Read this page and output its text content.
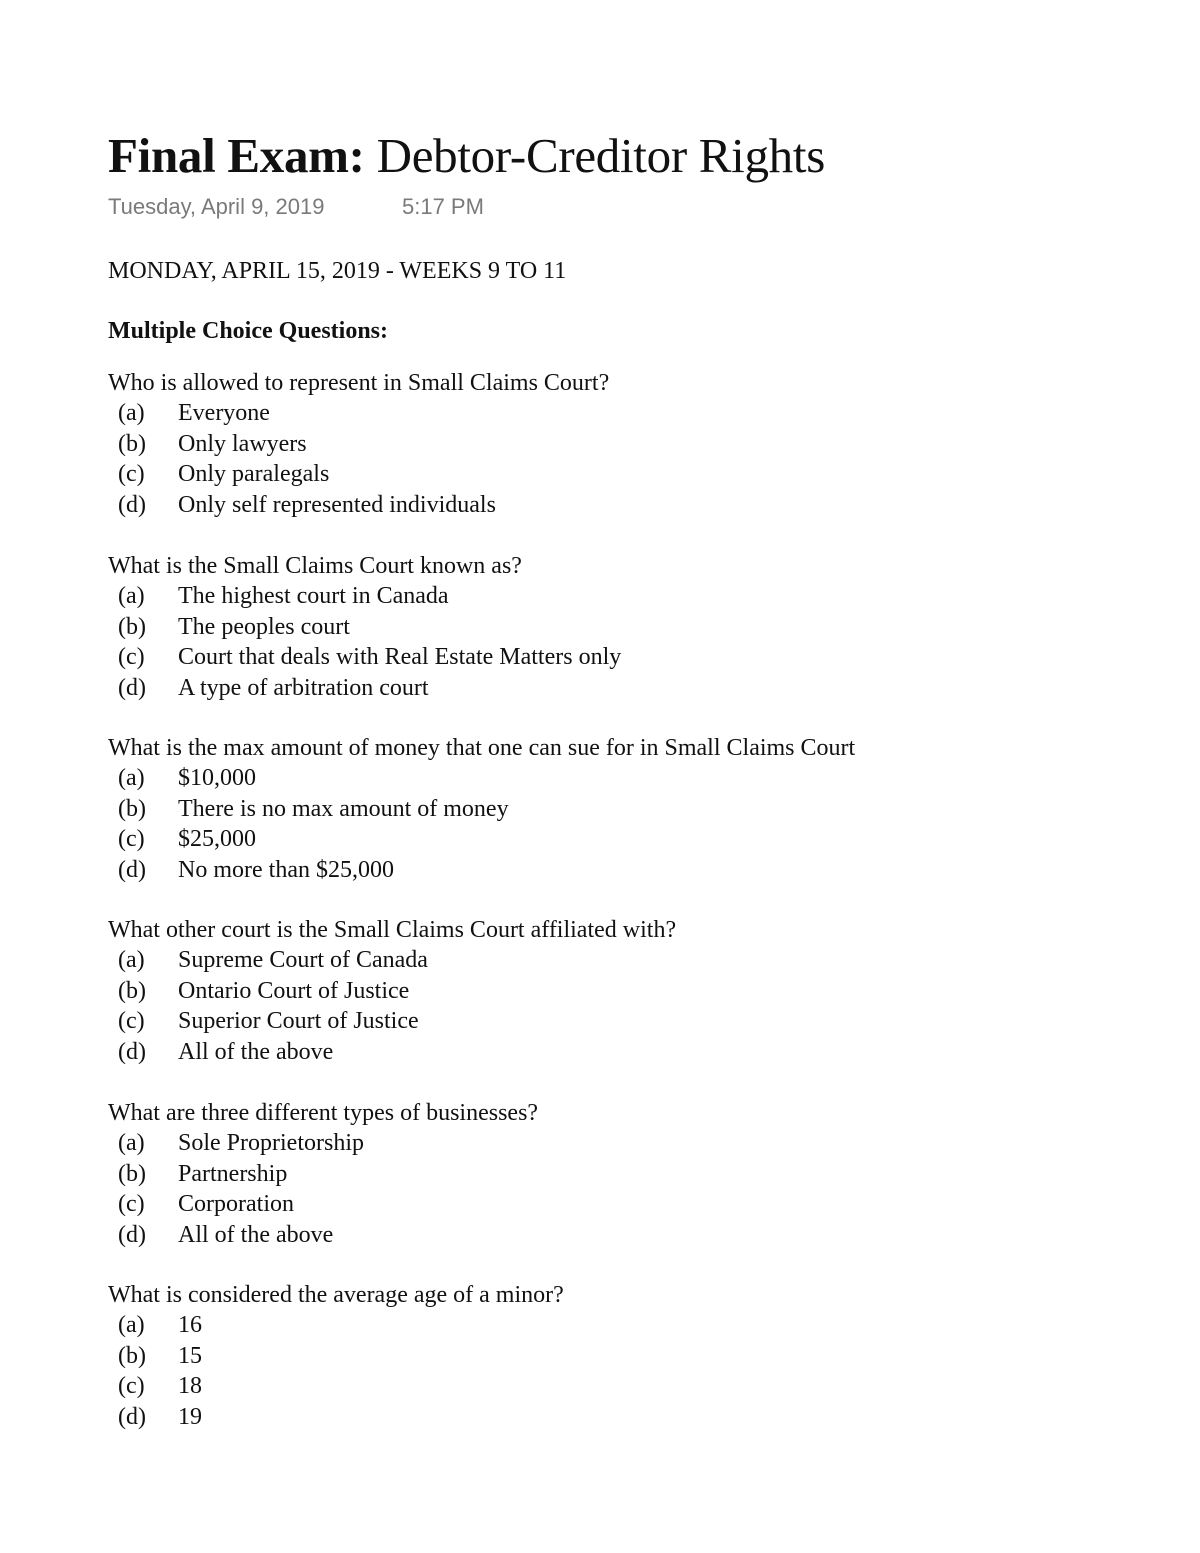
Final Exam: Debtor-Creditor Rights
Tuesday, April 9, 2019	5:17 PM
MONDAY, APRIL 15, 2019 - WEEKS 9 TO 11
Multiple Choice Questions:
Who is allowed to represent in Small Claims Court?
(a) Everyone
(b) Only lawyers
(c) Only paralegals
(d) Only self represented individuals
What is the Small Claims Court known as?
(a) The highest court in Canada
(b) The peoples court
(c) Court that deals with Real Estate Matters only
(d) A type of arbitration court
What is the max amount of money that one can sue for in Small Claims Court
(a) $10,000
(b) There is no max amount of money
(c) $25,000
(d) No more than $25,000
What other court is the Small Claims Court affiliated with?
(a) Supreme Court of Canada
(b) Ontario Court of Justice
(c) Superior Court of Justice
(d) All of the above
What are three different types of businesses?
(a) Sole Proprietorship
(b) Partnership
(c) Corporation
(d) All of the above
What is considered the average age of a minor?
(a) 16
(b) 15
(c) 18
(d) 19
